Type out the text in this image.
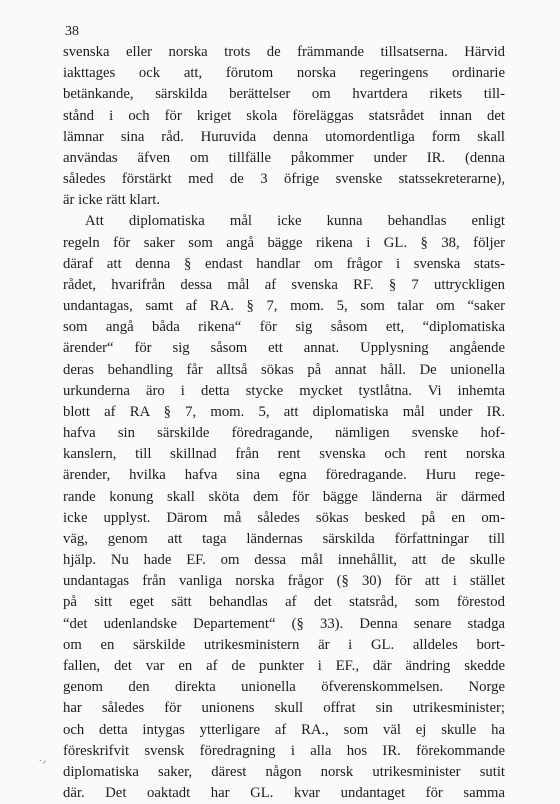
38
svenska eller norska trots de främmande tillsatserna. Härvid
iakttages ock att, förutom norska regeringens ordinarie
betänkande, särskilda berättelser om hvartdera rikets till-
stånd i och för kriget skola föreläggas statsrådet innan det
lämnar sina råd. Huruvida denna utomordentliga form skall
användas äfven om tillfälle påkommer under IR. (denna
således förstärkt med de 3 öfrige svenske statssekreterarne),
är icke rätt klart.
Att diplomatiska mål icke kunna behandlas enligt
regeln för saker som angå bägge rikena i GL. § 38, följer
däraf att denna § endast handlar om frågor i svenska stats-
rådet, hvarifrån dessa mål af svenska RF. § 7 uttryckligen
undantagas, samt af RA. § 7, mom. 5, som talar om “saker
som angå båda rikena“ för sig såsom ett, “diplomatiska
ärender“ för sig såsom ett annat. Upplysning angående
deras behandling får alltså sökas på annat håll. De unionella
urkunderna äro i detta stycke mycket tystlåtna. Vi inhemta
blott af RA § 7, mom. 5, att diplomatiska mål under IR.
hafva sin särskilde föredragande, nämligen svenske hof-
kanslern, till skillnad från rent svenska och rent norska
ärender, hvilka hafva sina egna föredragande. Huru rege-
rande konung skall sköta dem för bägge länderna är därmed
icke upplyst. Därom må således sökas besked på en om-
väg, genom att taga ländernas särskilda författningar till
hjälp. Nu hade EF. om dessa mål innehållit, att de skulle
undantagas från vanliga norska frågor (§ 30) för att i stället
på sitt eget sätt behandlas af det statsråd, som förestod
“det udenlandske Departement“ (§ 33). Denna senare stadga
om en särskilde utrikesministern är i GL. alldeles bort-
fallen, det var en af de punkter i EF., där ändring skedde
genom den direkta unionella öfverenskommelsen. Norge
har således för unionens skull offrat sin utrikesminister;
och detta intygas ytterligare af RA., som väl ej skulle ha
föreskrifvit svensk föredragning i alla hos IR. förekommande
diplomatiska saker, därest någon norsk utrikesminister sutit
där. Det oaktadt har GL. kvar undantaget för samma
˙ᐟ
